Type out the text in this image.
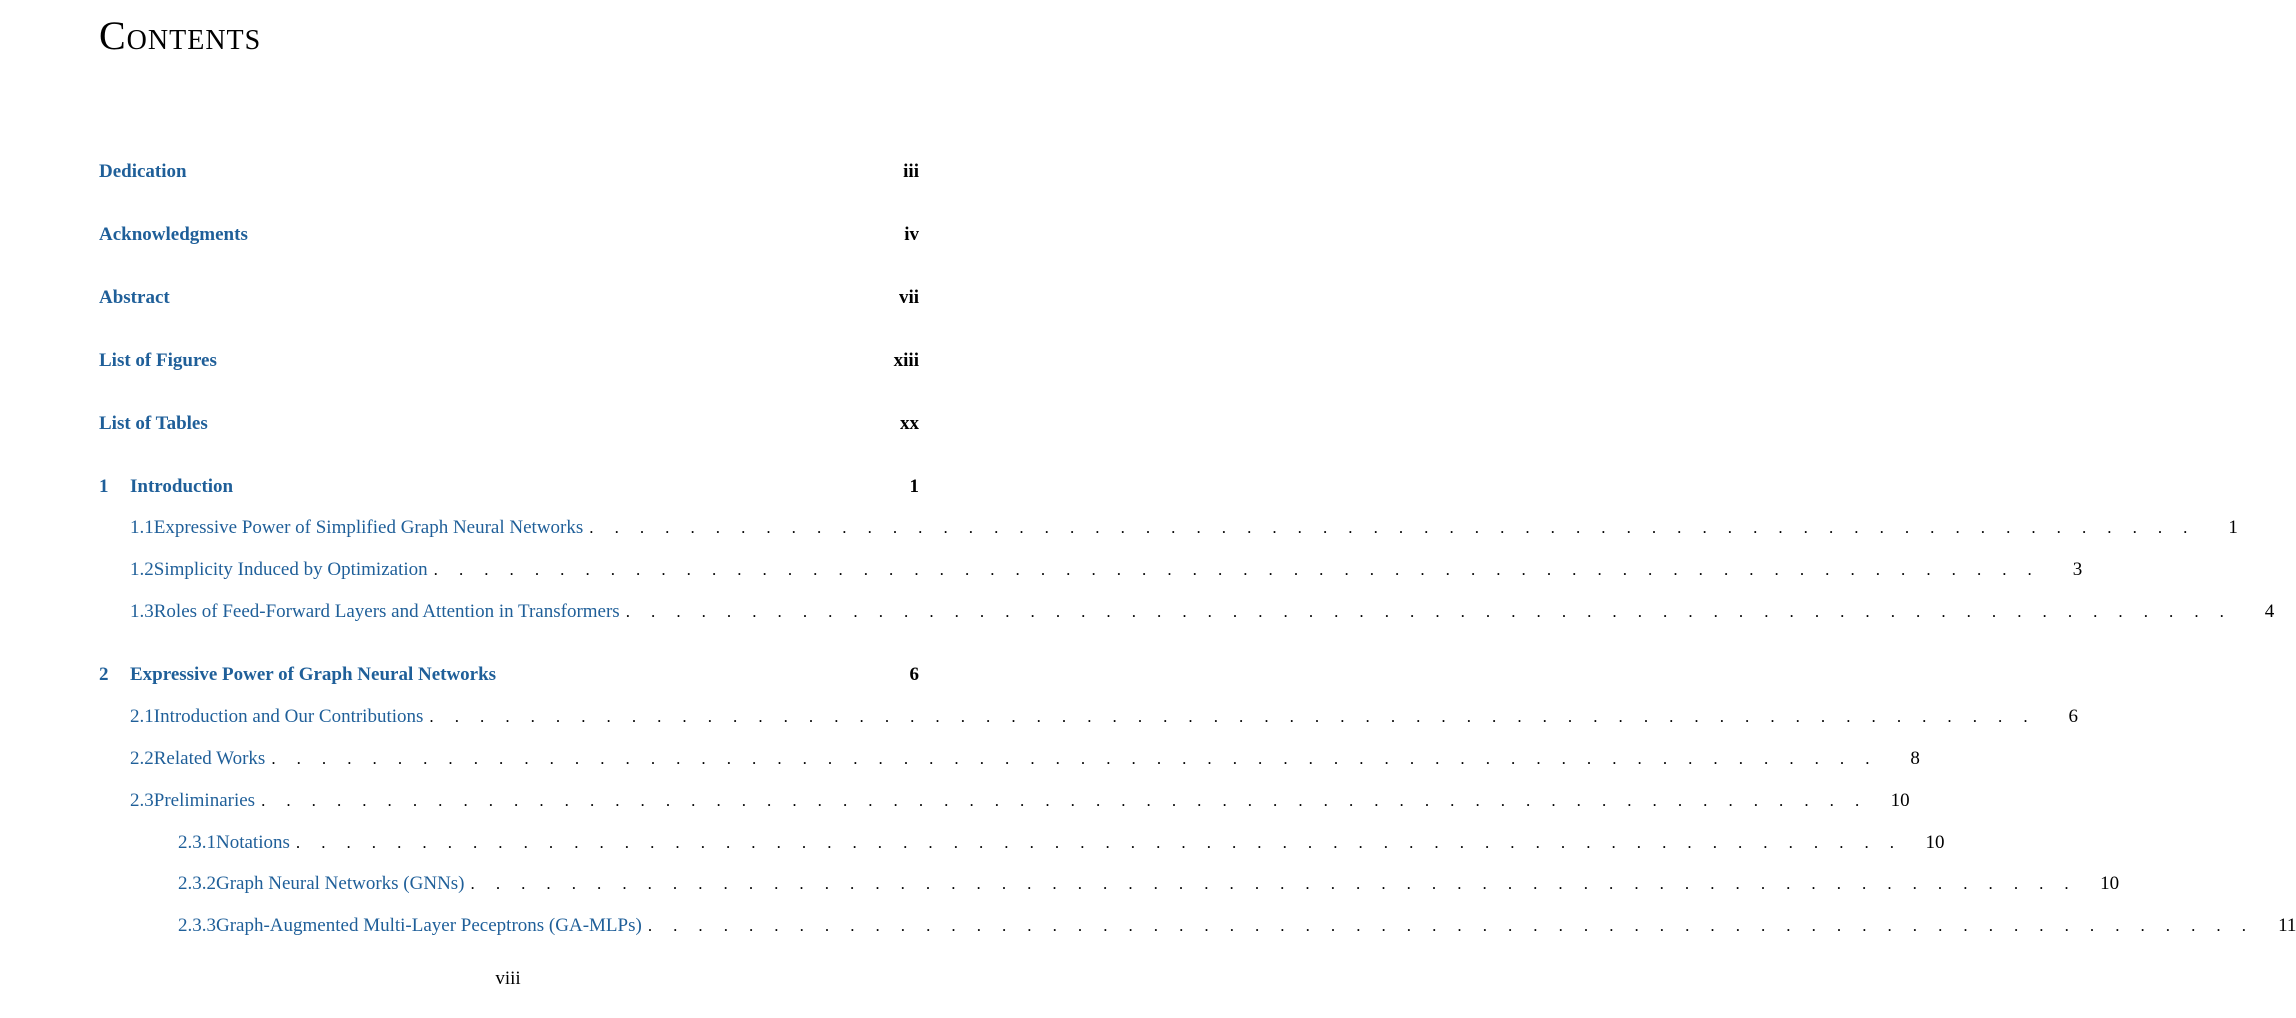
Contents
Dedication	iii
Acknowledgments	iv
Abstract	vii
List of Figures	xiii
List of Tables	xx
1	Introduction	1
1.1 Expressive Power of Simplified Graph Neural Networks . . . . . . . . . . . . . . . . . . . . . . . . . . . . . . . . . . . . . . . . . . . . . . . . . . . . . . . . . . . . . . . .	1
1.2 Simplicity Induced by Optimization . . . . . . . . . . . . . . . . . . . . . . . . . . . . . . . . . . . . . . . . . . . . . . . . . . . . . . . . . . . . . . . .	3
1.3 Roles of Feed-Forward Layers and Attention in Transformers . . . . . . . . . . . . . . . . . . . . . . . . . . . . . . . . . . . . . . . . . . . . . . . . . . . . . . . . . . . . . . . .	4
2	Expressive Power of Graph Neural Networks	6
2.1 Introduction and Our Contributions . . . . . . . . . . . . . . . . . . . . . . . . . . . . . . . . . . . . . . . . . . . . . . . . . . . . . . . . . . . . . . . .	6
2.2 Related Works . . . . . . . . . . . . . . . . . . . . . . . . . . . . . . . . . . . . . . . . . . . . . . . . . . . . . . . . . . . . . . . .	8
2.3 Preliminaries . . . . . . . . . . . . . . . . . . . . . . . . . . . . . . . . . . . . . . . . . . . . . . . . . . . . . . . . . . . . . . . . 10
2.3.1 Notations . . . . . . . . . . . . . . . . . . . . . . . . . . . . . . . . . . . . . . . . . . . . . . . . . . . . . . . . . . . . . . . . 10
2.3.2 Graph Neural Networks (GNNs) . . . . . . . . . . . . . . . . . . . . . . . . . . . . . . . . . . . . . . . . . . . . . . . . . . . . . . . . . . . . . . . . 10
2.3.3 Graph-Augmented Multi-Layer Peceptrons (GA-MLPs) . . . . . . . . . . . . . . . . . . . . . . . . . . . . . . . . . . . . . . . . . . . . . . . . . . . . . . . . . . . . . . . . 11
viii
